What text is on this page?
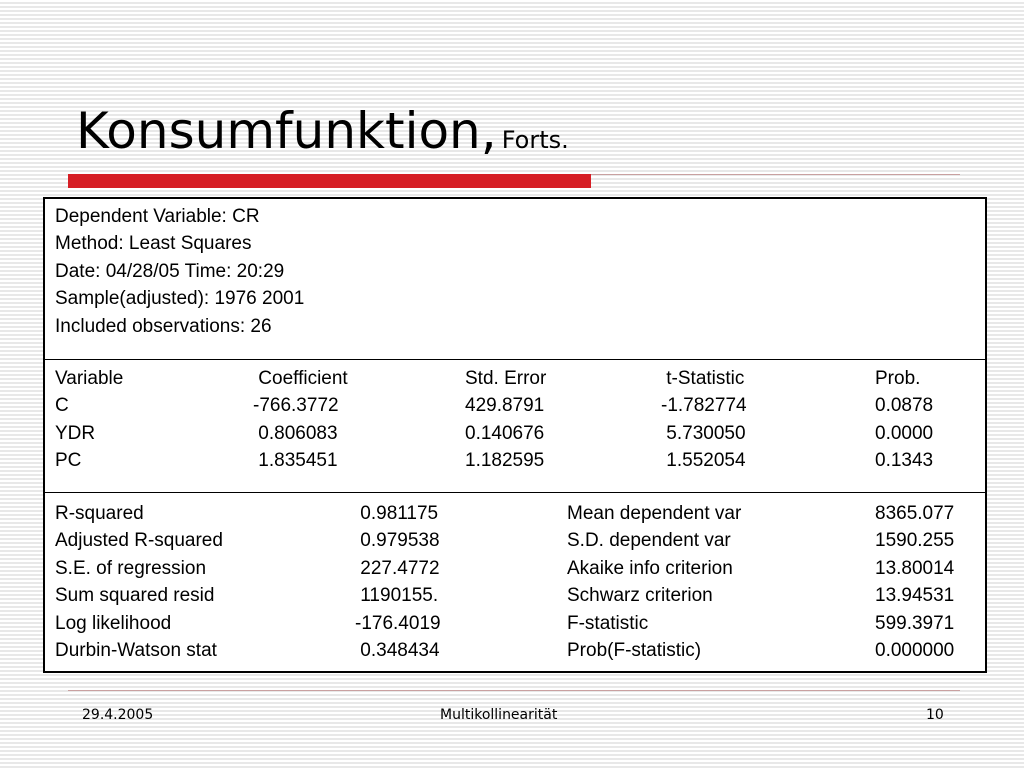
Konsumfunktion, Forts.
Dependent Variable: CR
Method: Least Squares
Date: 04/28/05 Time: 20:29
Sample(adjusted): 1976 2001
Included observations: 26
Variable	Coefficient	Std. Error	t-Statistic	Prob.
C	-766.3772	429.8791	-1.782774	0.0878
YDR	0.806083	0.140676	5.730050	0.0000
PC	1.835451	1.182595	1.552054	0.1343
R-squared	0.981175	Mean dependent var	8365.077
Adjusted R-squared	0.979538	S.D. dependent var	1590.255
S.E. of regression	227.4772	Akaike info criterion	13.80014
Sum squared resid	1190155.	Schwarz criterion	13.94531
Log likelihood	-176.4019	F-statistic	599.3971
Durbin-Watson stat	0.348434	Prob(F-statistic)	0.000000
29.4.2005	Multikollinearität	10
